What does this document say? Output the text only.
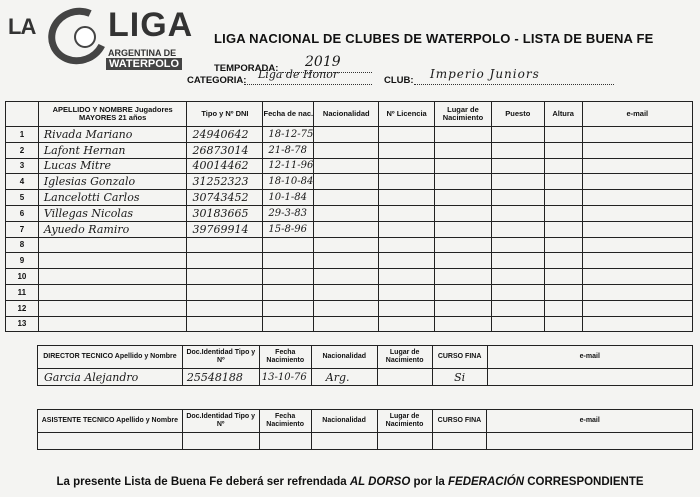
LA LIGA
ARGENTINA DE
WATERPOLO
LIGA NACIONAL DE CLUBES DE WATERPOLO - LISTA DE BUENA FE
TEMPORADA: 2019
CATEGORIA: Liga de Honor	CLUB: Imperio Juniors
	APELLIDO Y NOMBRE Jugadores MAYORES 21 años	Tipo y Nº DNI	Fecha de nac.	Nacionalidad	Nº Licencia	Lugar de Nacimiento	Puesto	Altura	e-mail
1	Rivada Mariano	24940642	18-12-75						
2	Lafont Hernan	26873014	21-8-78						
3	Lucas Mitre	40014462	12-11-96						
4	Iglesias Gonzalo	31252323	18-10-84						
5	Lancelotti Carlos	30743452	10-1-84						
6	Villegas Nicolas	30183665	29-3-83						
7	Ayuedo Ramiro	39769914	15-8-96						
8									
9									
10									
11									
12									
13									
DIRECTOR TECNICO Apellido y Nombre	Doc.Identidad Tipo y Nº	Fecha Nacimiento	Nacionalidad	Lugar de Nacimiento	CURSO FINA	e-mail
Garcia Alejandro	25548188	13-10-76	Arg.		Si	
ASISTENTE TECNICO Apellido y Nombre	Doc.Identidad Tipo y Nº	Fecha Nacimiento	Nacionalidad	Lugar de Nacimiento	CURSO FINA	e-mail

La presente Lista de Buena Fe deberá ser refrendada AL DORSO por la FEDERACIÓN CORRESPONDIENTE
